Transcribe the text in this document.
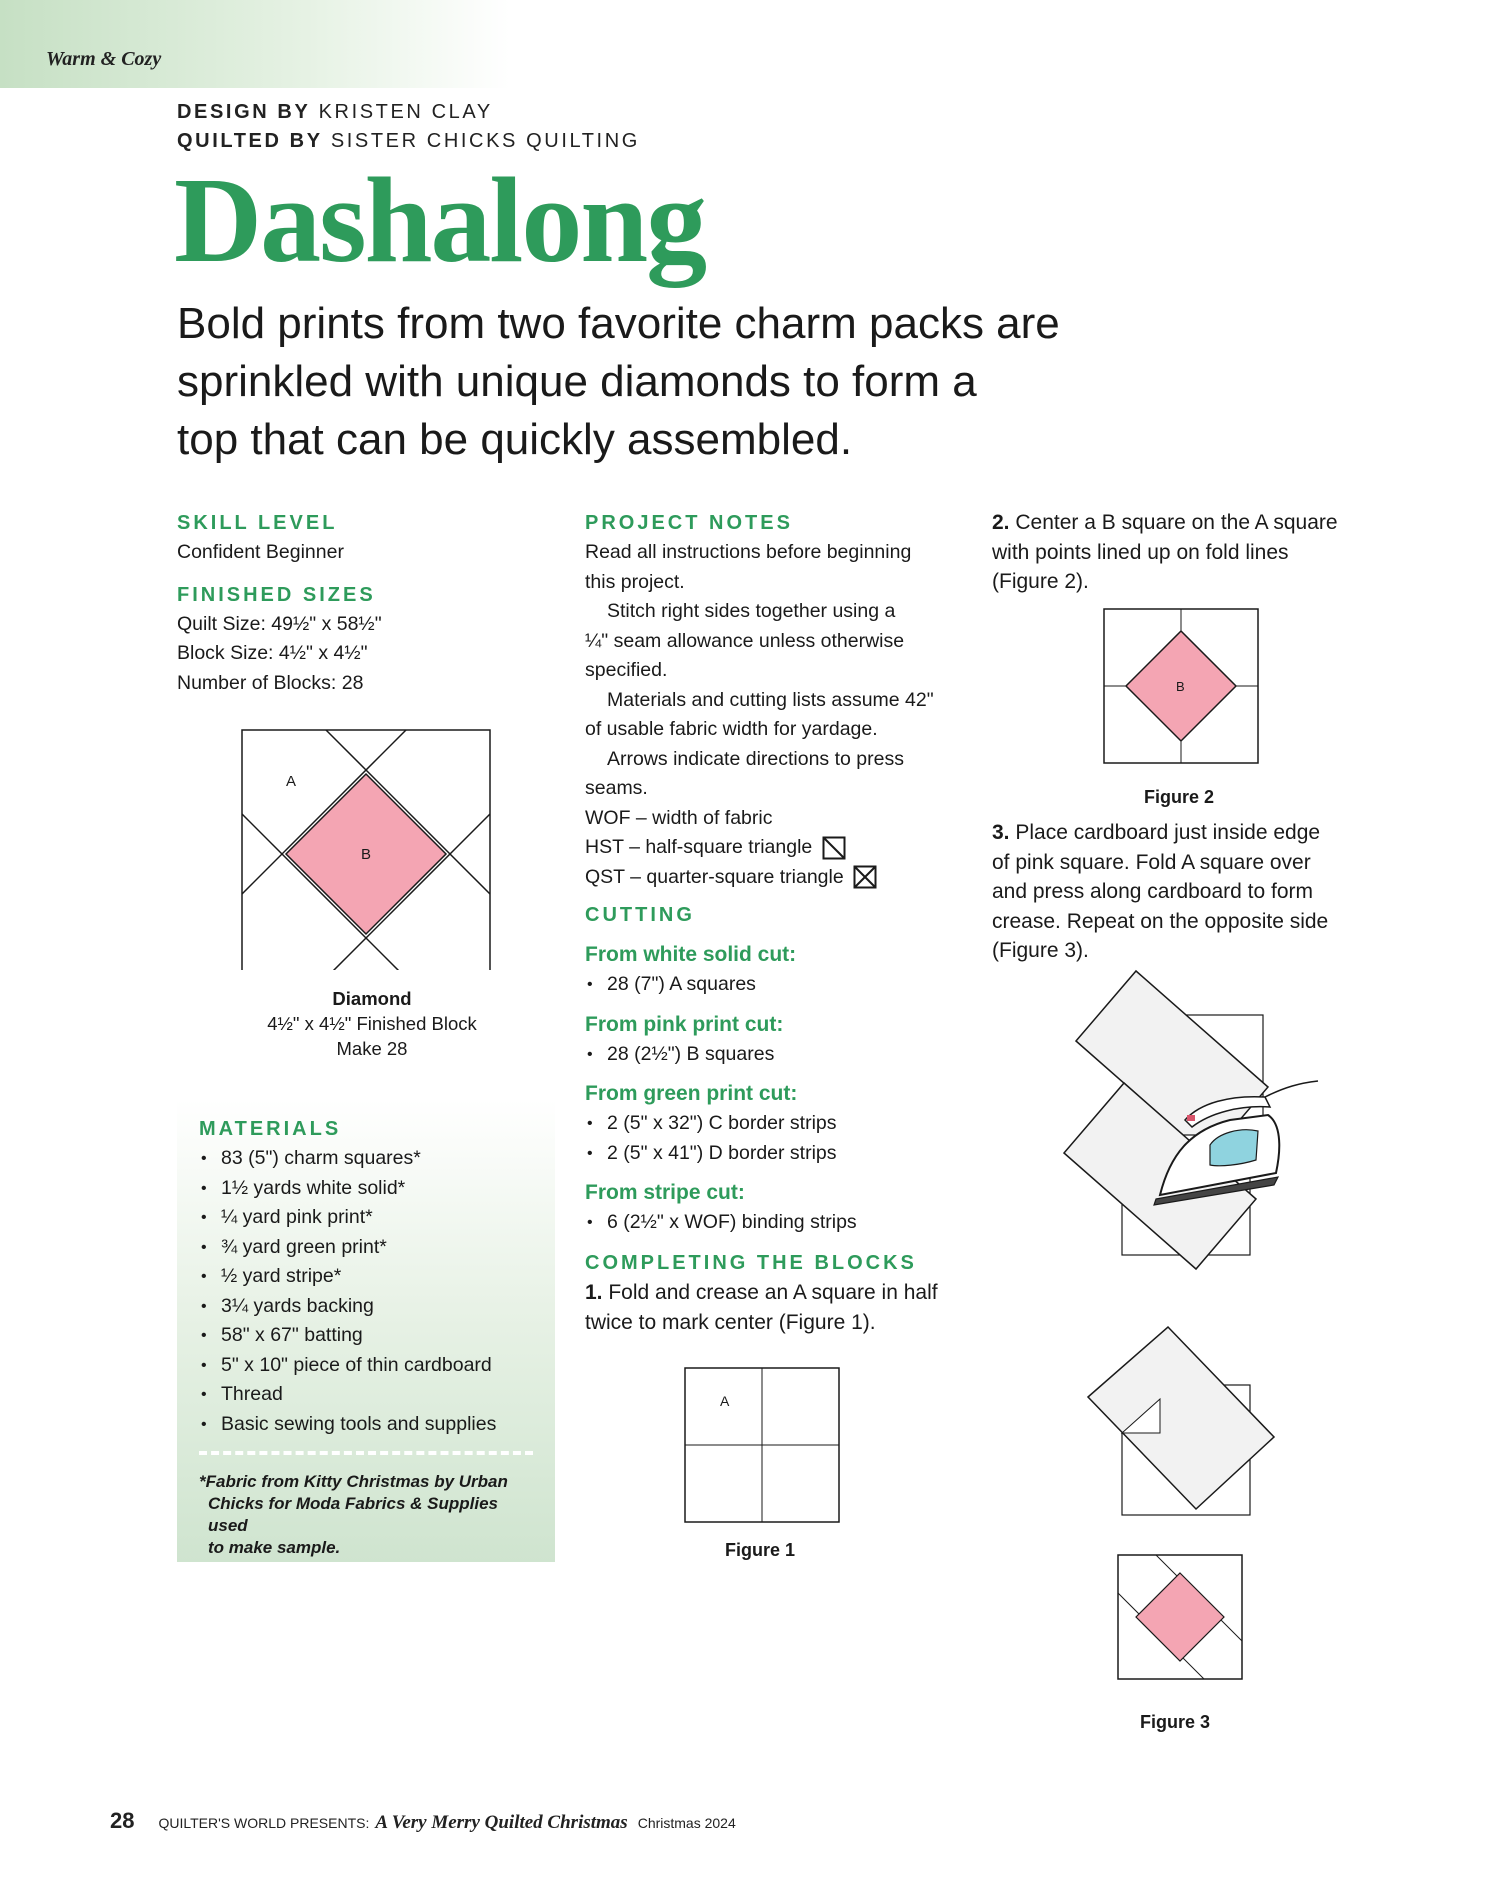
Warm & Cozy
DESIGN BY KRISTEN CLAY
QUILTED BY SISTER CHICKS QUILTING
Dashalong
Bold prints from two favorite charm packs are
sprinkled with unique diamonds to form a
top that can be quickly assembled.
SKILL LEVEL
Confident Beginner
FINISHED SIZES
Quilt Size: 49½" x 58½"
Block Size: 4½" x 4½"
Number of Blocks: 28
A
B
Diamond
4½" x 4½" Finished Block
Make 28
MATERIALS
• 83 (5") charm squares*
• 1½ yards white solid*
• ¼ yard pink print*
• ¾ yard green print*
• ½ yard stripe*
• 3¼ yards backing
• 58" x 67" batting
• 5" x 10" piece of thin cardboard
• Thread
• Basic sewing tools and supplies
*Fabric from Kitty Christmas by Urban
Chicks for Moda Fabrics & Supplies used
to make sample.
PROJECT NOTES
Read all instructions before beginning
this project.
Stitch right sides together using a
¼" seam allowance unless otherwise
specified.
Materials and cutting lists assume 42"
of usable fabric width for yardage.
Arrows indicate directions to press
seams.
WOF – width of fabric
HST – half-square triangle
QST – quarter-square triangle
CUTTING
From white solid cut:
• 28 (7") A squares
From pink print cut:
• 28 (2½") B squares
From green print cut:
• 2 (5" x 32") C border strips
• 2 (5" x 41") D border strips
From stripe cut:
• 6 (2½" x WOF) binding strips
COMPLETING THE BLOCKS
1. Fold and crease an A square in half
twice to mark center (Figure 1).
A
Figure 1
2. Center a B square on the A square
with points lined up on fold lines
(Figure 2).
B
Figure 2
3. Place cardboard just inside edge
of pink square. Fold A square over
and press along cardboard to form
crease. Repeat on the opposite side
(Figure 3).
Figure 3
28 QUILTER'S WORLD PRESENTS: A Very Merry Quilted Christmas Christmas 2024
